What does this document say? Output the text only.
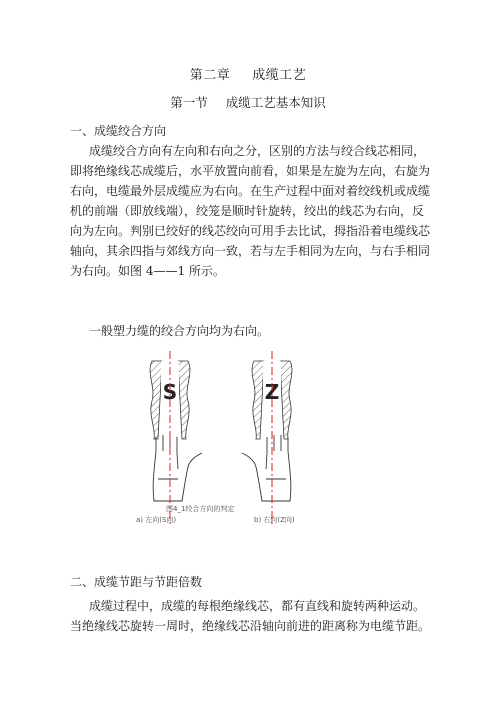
第二章 成缆工艺
第一节 成缆工艺基本知识
一、成缆绞合方向
成缆绞合方向有左向和右向之分，区别的方法与绞合线芯相同，
即将绝缘线芯成缆后，水平放置向前看，如果是左旋为左向，右旋为
右向，电缆最外层成缆应为右向。在生产过程中面对着绞线机或成缆
机的前端（即放线端），绞笼是顺时针旋转，绞出的线芯为右向，反
向为左向。判别已绞好的线芯绞向可用手去比试，拇指沿着电缆线芯
轴向，其余四指与郊线方向一致，若与左手相同为左向，与右手相同
为右向。如图 4——1 所示。
一般塑力缆的绞合方向均为右向。
S	Z
图4_1绞合方向的判定
a) 左向(S向)	b) 右向(Z向)
二、成缆节距与节距倍数
成缆过程中，成缆的每根绝缘线芯，都有直线和旋转两种运动。
当绝缘线芯旋转一周时，绝缘线芯沿轴向前进的距离称为电缆节距。
